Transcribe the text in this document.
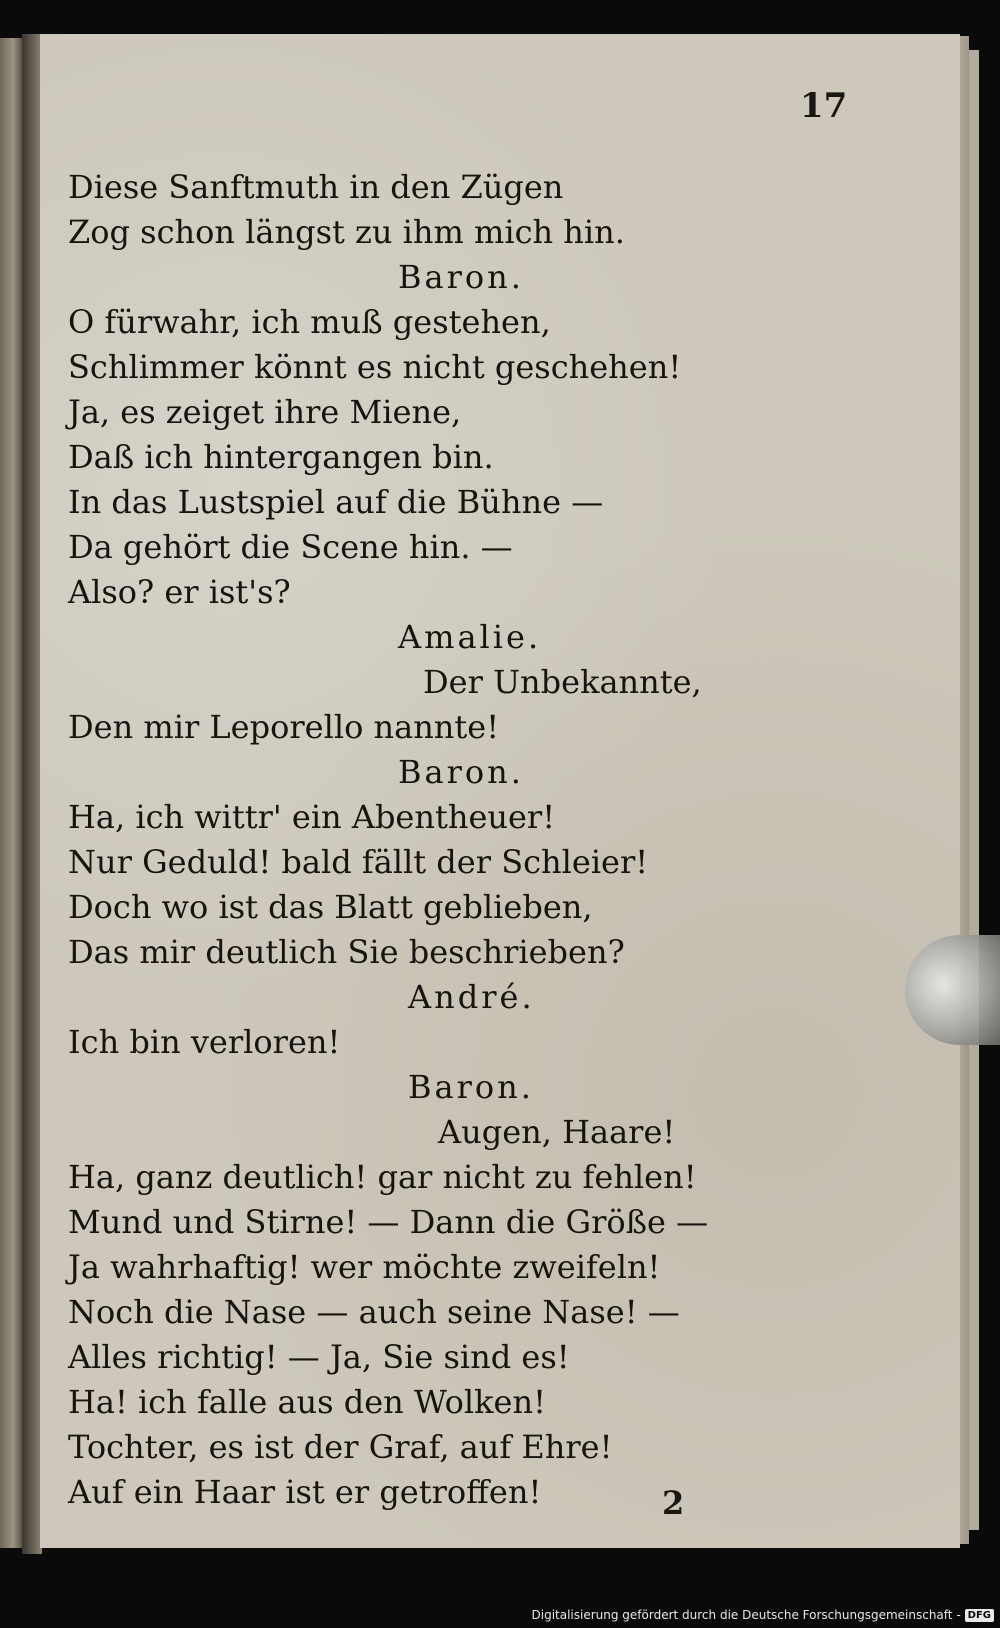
17
Diese Sanftmuth in den Zügen
Zog schon längst zu ihm mich hin.
Baron.
O fürwahr, ich muß gestehen,
Schlimmer könnt es nicht geschehen!
Ja, es zeiget ihre Miene,
Daß ich hintergangen bin.
In das Lustspiel auf die Bühne —
Da gehört die Scene hin. —
Also? er ist's?
Amalie.
Der Unbekannte,
Den mir Leporello nannte!
Baron.
Ha, ich wittr' ein Abentheuer!
Nur Geduld! bald fällt der Schleier!
Doch wo ist das Blatt geblieben,
Das mir deutlich Sie beschrieben?
André.
Ich bin verloren!
Baron.
Augen, Haare!
Ha, ganz deutlich! gar nicht zu fehlen!
Mund und Stirne! — Dann die Größe —
Ja wahrhaftig! wer möchte zweifeln!
Noch die Nase — auch seine Nase! —
Alles richtig! — Ja, Sie sind es!
Ha! ich falle aus den Wolken!
Tochter, es ist der Graf, auf Ehre!
Auf ein Haar ist er getroffen!	2
Digitalisierung gefördert durch die Deutsche Forschungsgemeinschaft - DFG
